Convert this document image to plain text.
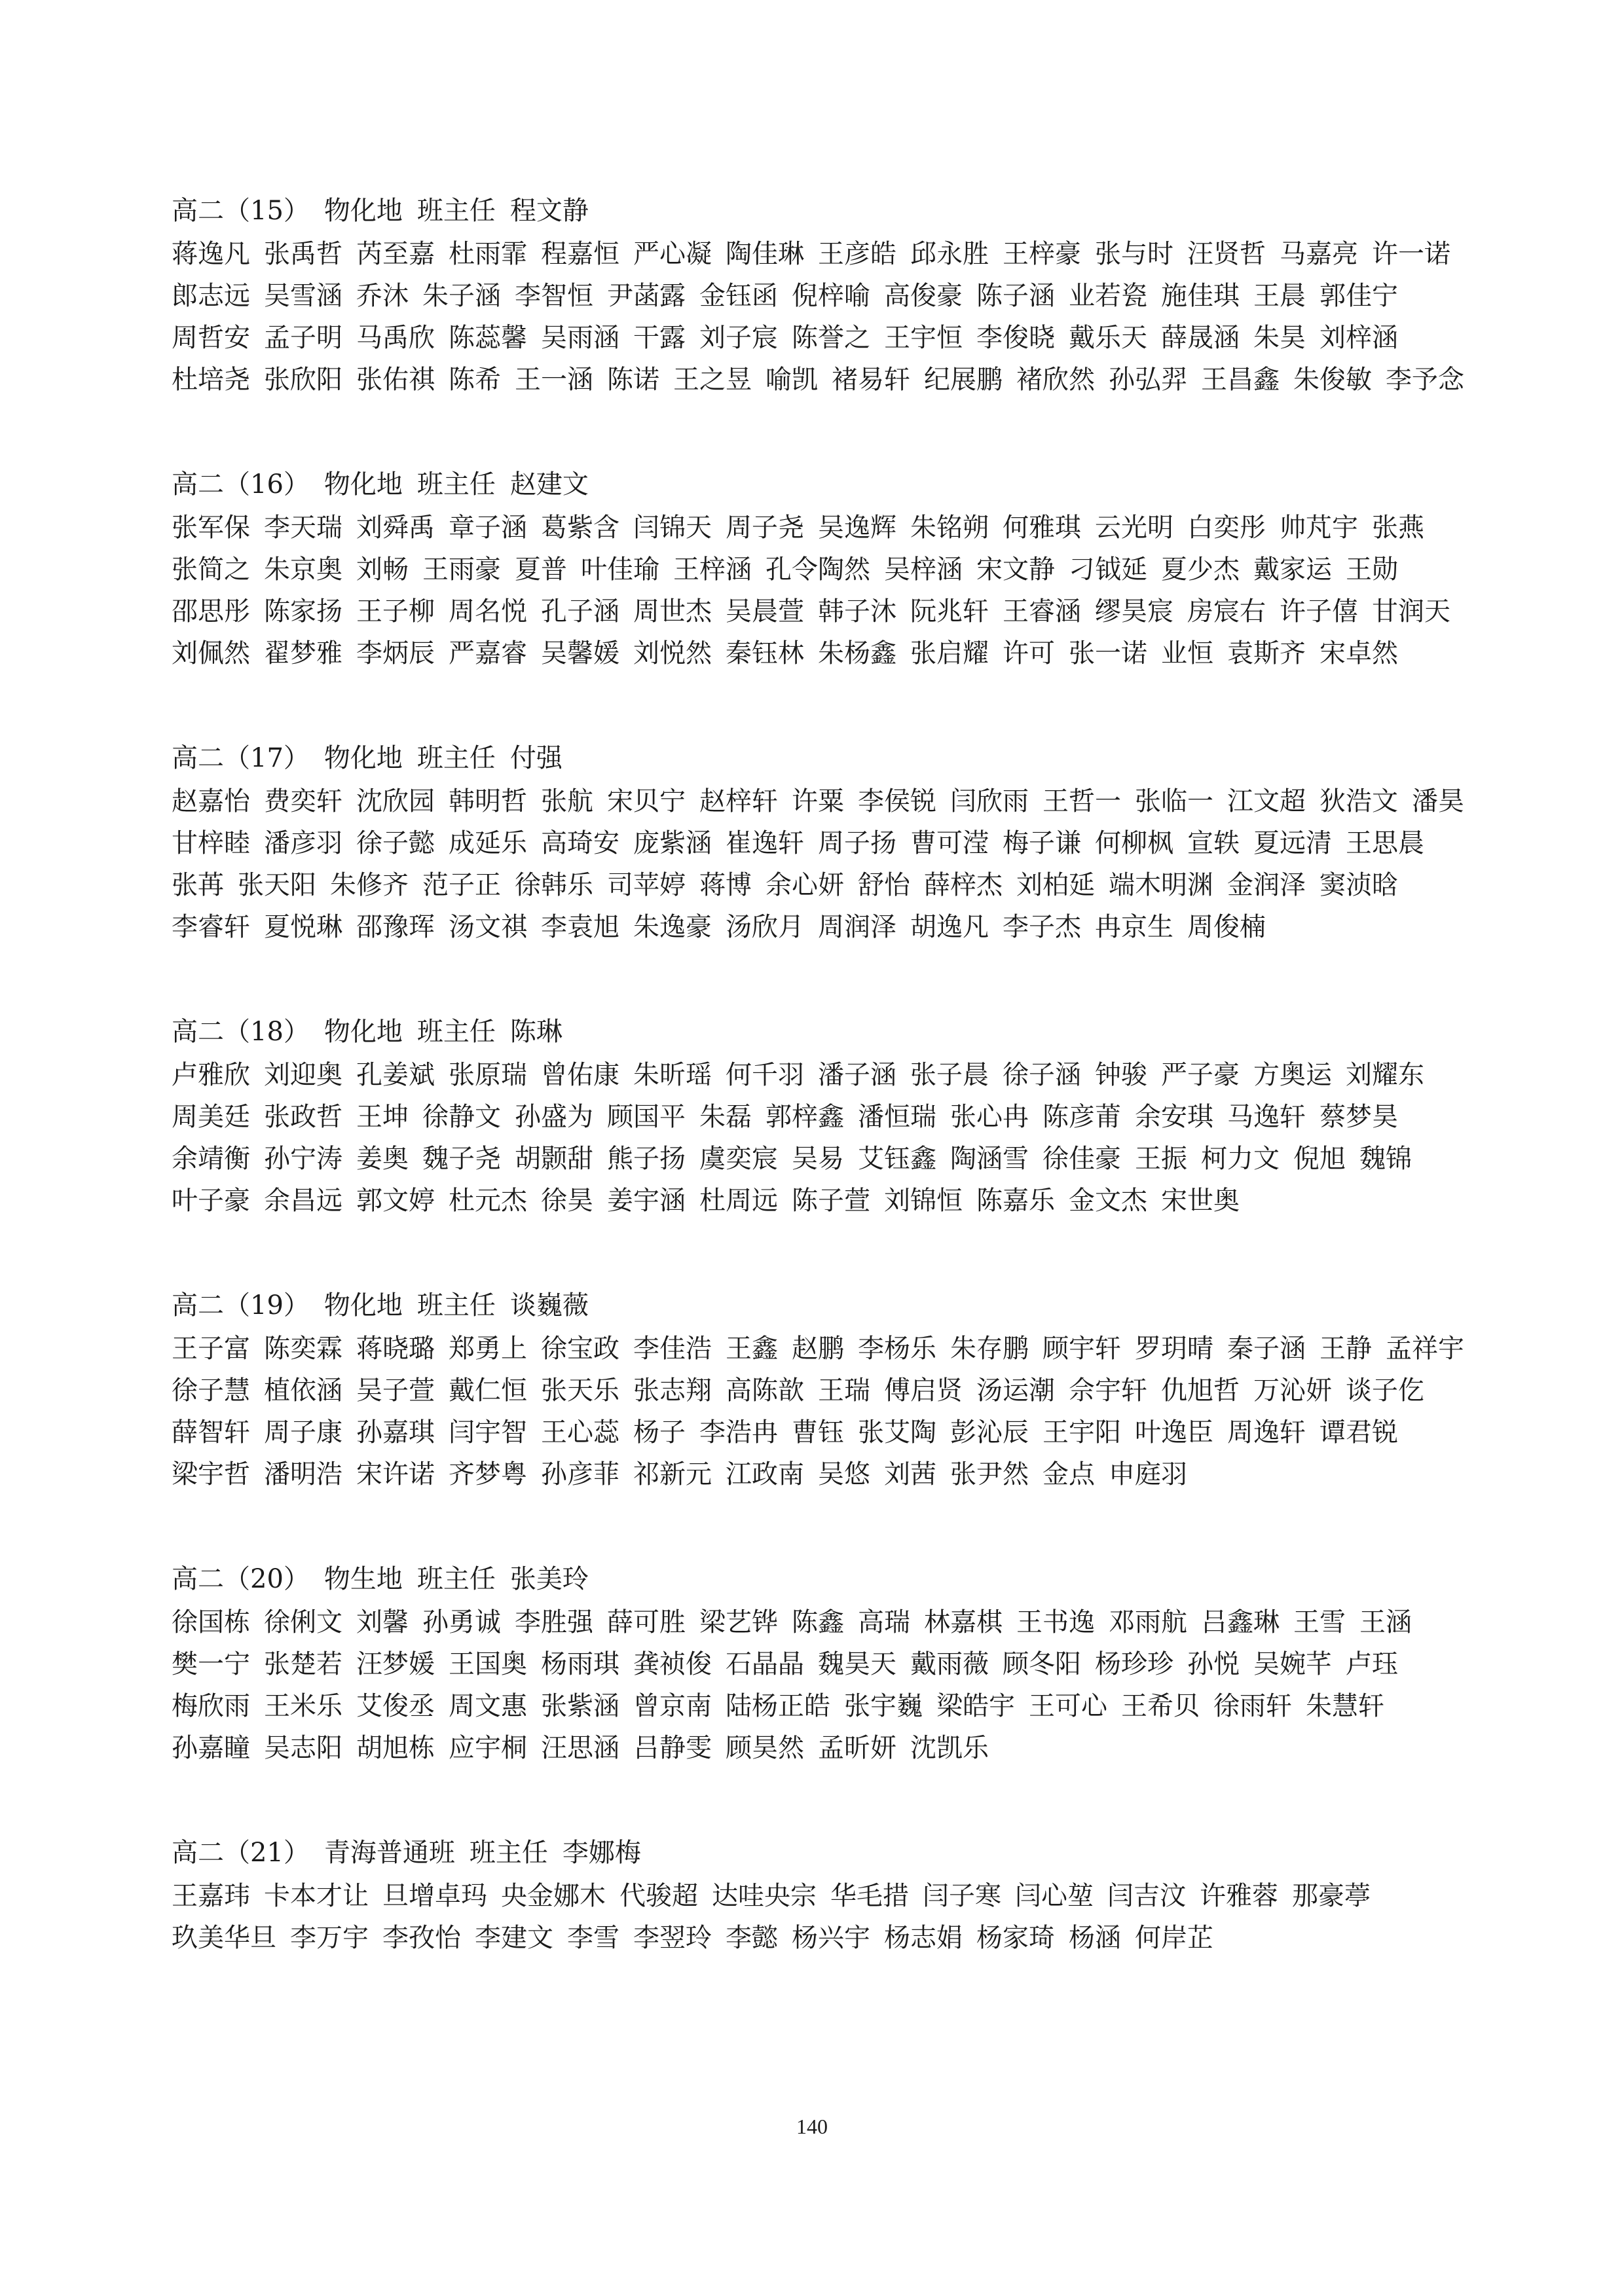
高二（15） 物化地 班主任 程文静
蒋逸凡 张禹哲 芮至嘉 杜雨霏 程嘉恒 严心凝 陶佳琳 王彦皓 邱永胜 王梓豪 张与时 汪贤哲 马嘉亮 许一诺
郎志远 吴雪涵 乔沐 朱子涵 李智恒 尹菡露 金钰函 倪梓喻 高俊豪 陈子涵 业若瓷 施佳琪 王晨 郭佳宁
周哲安 孟子明 马禹欣 陈蕊馨 吴雨涵 干露 刘子宸 陈誉之 王宇恒 李俊晓 戴乐天 薛晟涵 朱昊 刘梓涵
杜培尧 张欣阳 张佑祺 陈希 王一涵 陈诺 王之昱 喻凯 褚易轩 纪展鹏 褚欣然 孙弘羿 王昌鑫 朱俊敏 李予念
高二（16） 物化地 班主任 赵建文
张军保 李天瑞 刘舜禹 章子涵 葛紫含 闫锦天 周子尧 吴逸辉 朱铭朔 何雅琪 云光明 白奕彤 帅芃宇 张燕
张简之 朱京奥 刘畅 王雨豪 夏普 叶佳瑜 王梓涵 孔令陶然 吴梓涵 宋文静 刁钺延 夏少杰 戴家运 王勋
邵思彤 陈家扬 王子柳 周名悦 孔子涵 周世杰 吴晨萱 韩子沐 阮兆轩 王睿涵 缪昊宸 房宸右 许子僖 甘润天
刘佩然 翟梦雅 李炳辰 严嘉睿 吴馨媛 刘悦然 秦钰林 朱杨鑫 张启耀 许可 张一诺 业恒 袁斯齐 宋卓然
高二（17） 物化地 班主任 付强
赵嘉怡 费奕轩 沈欣园 韩明哲 张航 宋贝宁 赵梓轩 许粟 李侯锐 闫欣雨 王哲一 张临一 江文超 狄浩文 潘昊
甘梓睦 潘彦羽 徐子懿 成延乐 高琦安 庞紫涵 崔逸轩 周子扬 曹可滢 梅子谦 何柳枫 宣轶 夏远清 王思晨
张苒 张天阳 朱修齐 范子正 徐韩乐 司苹婷 蒋博 余心妍 舒怡 薛梓杰 刘柏延 端木明渊 金润泽 窦浈晗
李睿轩 夏悦琳 邵豫珲 汤文祺 李袁旭 朱逸豪 汤欣月 周润泽 胡逸凡 李子杰 冉京生 周俊楠
高二（18） 物化地 班主任 陈琳
卢雅欣 刘迎奥 孔姜斌 张原瑞 曾佑康 朱昕瑶 何千羽 潘子涵 张子晨 徐子涵 钟骏 严子豪 方奥运 刘耀东
周美廷 张政哲 王坤 徐静文 孙盛为 顾国平 朱磊 郭梓鑫 潘恒瑞 张心冉 陈彦莆 余安琪 马逸轩 蔡梦昊
余靖衡 孙宁涛 姜奥 魏子尧 胡颢甜 熊子扬 虞奕宸 吴易 艾钰鑫 陶涵雪 徐佳豪 王振 柯力文 倪旭 魏锦
叶子豪 余昌远 郭文婷 杜元杰 徐昊 姜宇涵 杜周远 陈子萱 刘锦恒 陈嘉乐 金文杰 宋世奥
高二（19） 物化地 班主任 谈巍薇
王子富 陈奕霖 蒋晓璐 郑勇上 徐宝政 李佳浩 王鑫 赵鹏 李杨乐 朱存鹏 顾宇轩 罗玥晴 秦子涵 王静 孟祥宇
徐子慧 植依涵 吴子萱 戴仁恒 张天乐 张志翔 高陈歆 王瑞 傅启贤 汤运潮 佘宇轩 仇旭哲 万沁妍 谈子仡
薛智轩 周子康 孙嘉琪 闫宇智 王心蕊 杨子 李浩冉 曹钰 张艾陶 彭沁辰 王宇阳 叶逸臣 周逸轩 谭君锐
梁宇哲 潘明浩 宋许诺 齐梦粤 孙彦菲 祁新元 江政南 吴悠 刘茜 张尹然 金点 申庭羽
高二（20） 物生地 班主任 张美玲
徐国栋 徐俐文 刘馨 孙勇诚 李胜强 薛可胜 梁艺铧 陈鑫 高瑞 林嘉棋 王书逸 邓雨航 吕鑫琳 王雪 王涵
樊一宁 张楚若 汪梦媛 王国奥 杨雨琪 龚祯俊 石晶晶 魏昊天 戴雨薇 顾冬阳 杨珍珍 孙悦 吴婉芊 卢珏
梅欣雨 王米乐 艾俊丞 周文惠 张紫涵 曾京南 陆杨正皓 张宇巍 梁皓宇 王可心 王希贝 徐雨轩 朱慧轩
孙嘉瞳 吴志阳 胡旭栋 应宇桐 汪思涵 吕静雯 顾昊然 孟昕妍 沈凯乐
高二（21） 青海普通班 班主任 李娜梅
王嘉玮 卡本才让 旦增卓玛 央金娜木 代骏超 达哇央宗 华毛措 闫子寒 闫心堃 闫吉汶 许雅蓉 那豪葶
玖美华旦 李万宇 李孜怡 李建文 李雪 李翌玲 李懿 杨兴宇 杨志娟 杨家琦 杨涵 何岸芷
140
